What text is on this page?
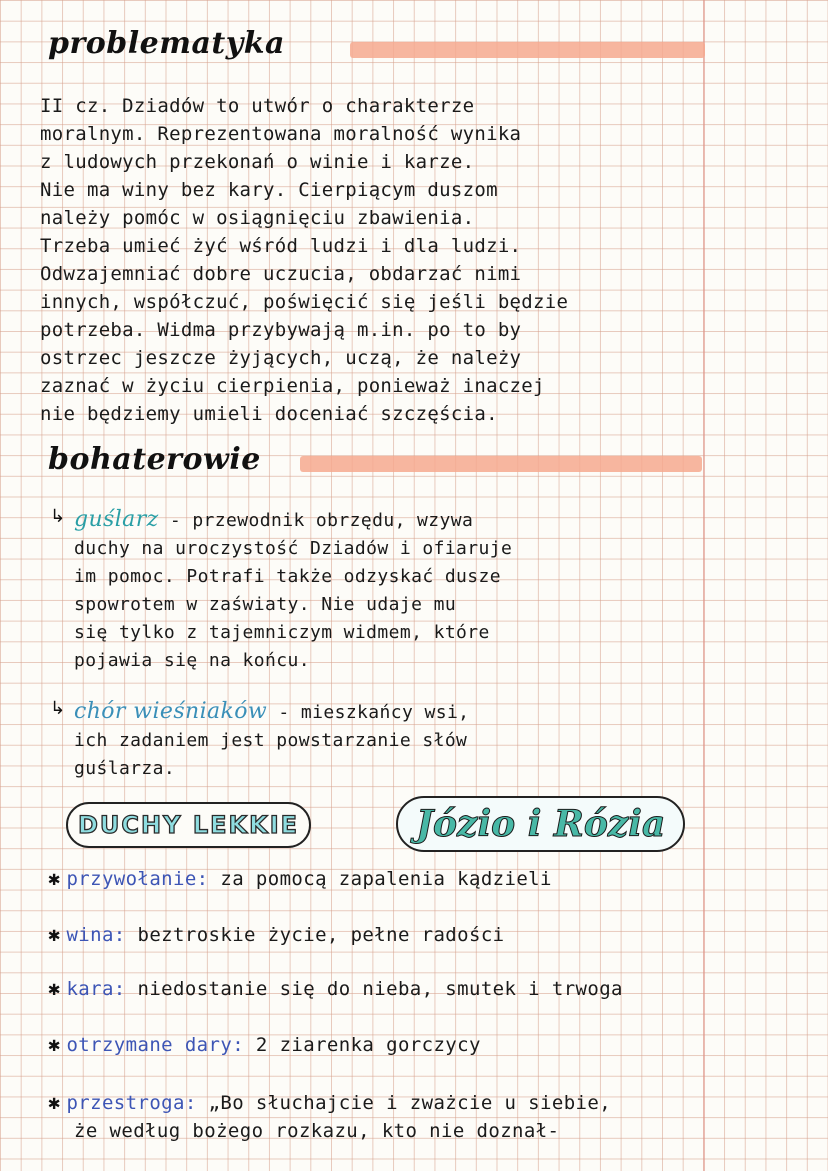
problematyka
II cz. Dziadów to utwór o charakterze
moralnym. Reprezentowana moralność wynika
z ludowych przekonań o winie i karze.
Nie ma winy bez kary. Cierpiącym duszom
należy pomóc w osiągnięciu zbawienia.
Trzeba umieć żyć wśród ludzi i dla ludzi.
Odwzajemniać dobre uczucia, obdarzać nimi
innych, współczuć, poświęcić się jeśli będzie
potrzeba. Widma przybywają m.in. po to by
ostrzec jeszcze żyjących, uczą, że należy
zaznać w życiu cierpienia, ponieważ inaczej
nie będziemy umieli doceniać szczęścia.
bohaterowie
↳ guślarz - przewodnik obrzędu, wzywa
duchy na uroczystość Dziadów i ofiaruje
im pomoc. Potrafi także odzyskać dusze
spowrotem w zaświaty. Nie udaje mu
się tylko z tajemniczym widmem, które
pojawia się na końcu.
↳ chór wieśniaków - mieszkańcy wsi,
ich zadaniem jest powstarzanie słów
guślarza.
DUCHY LEKKIE	Józio i Rózia
✱ przywołanie: za pomocą zapalenia kądzieli
✱ wina: beztroskie życie, pełne radości
✱ kara: niedostanie się do nieba, smutek i trwoga
✱ otrzymane dary: 2 ziarenka gorczycy
✱ przestroga: „Bo słuchajcie i zważcie u siebie,
że według bożego rozkazu, kto nie doznał-
